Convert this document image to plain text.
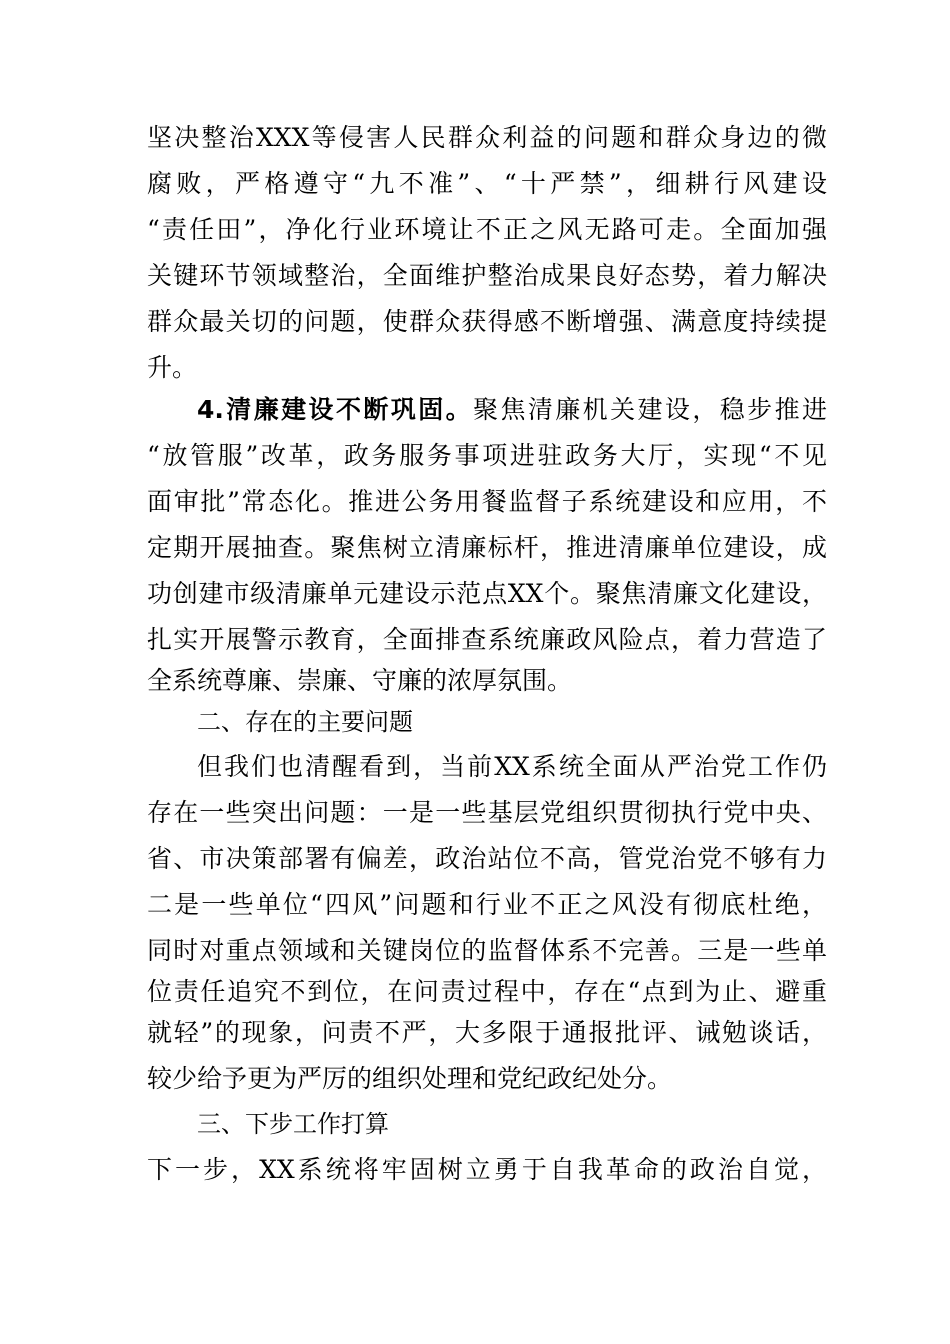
坚决整治XXX等侵害人民群众利益的问题和群众身边的微
腐败，严格遵守“九不准”、“十严禁”，细耕行风建设
“责任田”，净化行业环境让不正之风无路可走。全面加强
关键环节领域整治，全面维护整治成果良好态势，着力解决
群众最关切的问题，使群众获得感不断增强、满意度持续提
升。
4.清廉建设不断巩固。聚焦清廉机关建设，稳步推进
“放管服”改革，政务服务事项进驻政务大厅，实现“不见
面审批”常态化。推进公务用餐监督子系统建设和应用，不
定期开展抽查。聚焦树立清廉标杆，推进清廉单位建设，成
功创建市级清廉单元建设示范点XX个。聚焦清廉文化建设，
扎实开展警示教育，全面排查系统廉政风险点，着力营造了
全系统尊廉、崇廉、守廉的浓厚氛围。
二、存在的主要问题
但我们也清醒看到，当前XX系统全面从严治党工作仍
存在一些突出问题：一是一些基层党组织贯彻执行党中央、
省、市决策部署有偏差，政治站位不高，管党治党不够有力
二是一些单位“四风”问题和行业不正之风没有彻底杜绝，
同时对重点领域和关键岗位的监督体系不完善。三是一些单
位责任追究不到位，在问责过程中，存在“点到为止、避重
就轻”的现象，问责不严，大多限于通报批评、诫勉谈话，
较少给予更为严厉的组织处理和党纪政纪处分。
三、下步工作打算
下一步，XX系统将牢固树立勇于自我革命的政治自觉，
